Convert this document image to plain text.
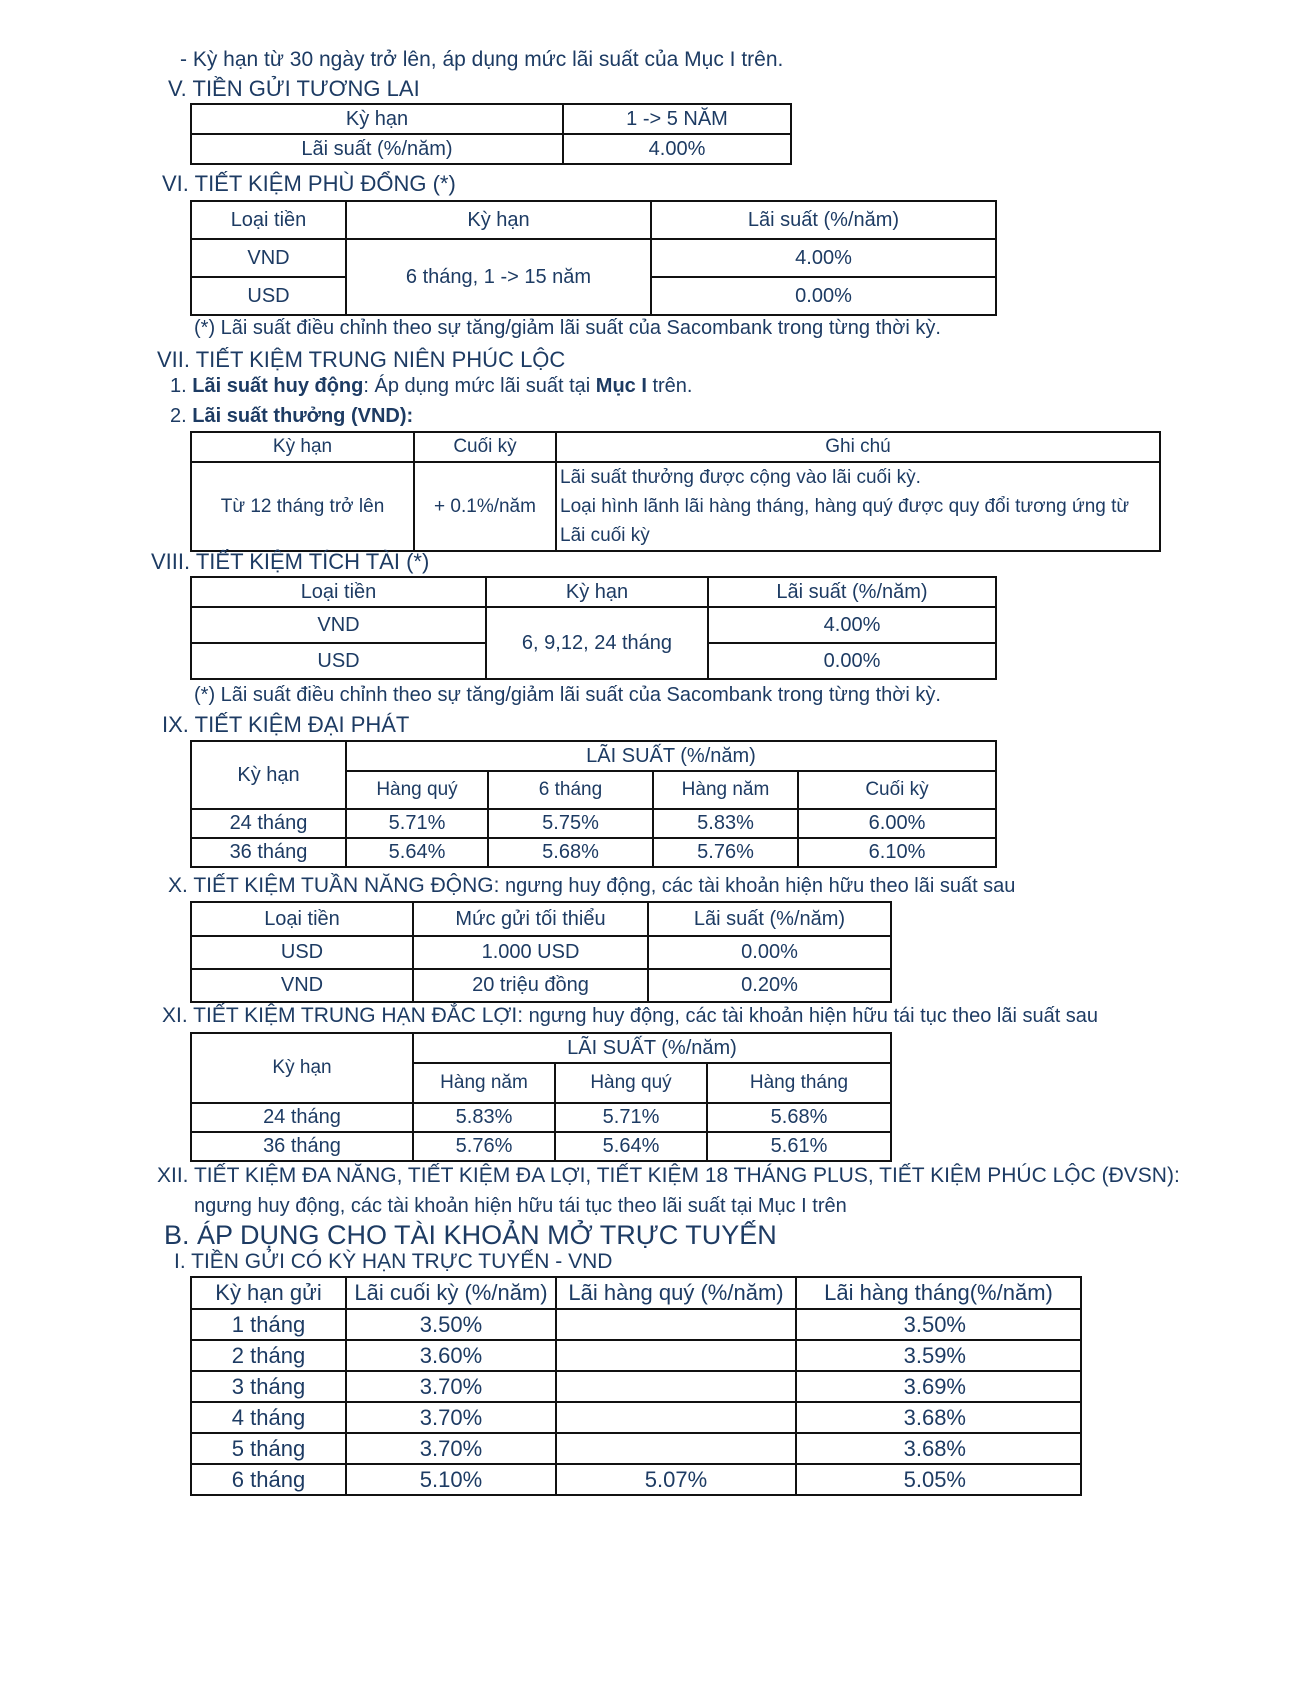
- Kỳ hạn từ 30 ngày trở lên, áp dụng mức lãi suất của Mục I trên.
V. TIỀN GỬI TƯƠNG LAI
Kỳ hạn	1 -> 5 NĂM
Lãi suất (%/năm)	4.00%
VI. TIẾT KIỆM PHÙ ĐỔNG (*)
Loại tiền	Kỳ hạn	Lãi suất (%/năm)
VND	6 tháng, 1 -> 15 năm	4.00%
USD		0.00%
(*) Lãi suất điều chỉnh theo sự tăng/giảm lãi suất của Sacombank trong từng thời kỳ.
VII. TIẾT KIỆM TRUNG NIÊN PHÚC LỘC
1. Lãi suất huy động: Áp dụng mức lãi suất tại Mục I trên.
2. Lãi suất thưởng (VND):
Kỳ hạn	Cuối kỳ	Ghi chú
Từ 12 tháng trở lên	+ 0.1%/năm	Lãi suất thưởng được cộng vào lãi cuối kỳ.
Loại hình lãnh lãi hàng tháng, hàng quý được quy đổi tương ứng từ
Lãi cuối kỳ
VIII. TIẾT KIỆM TÍCH TÀI (*)
Loại tiền	Kỳ hạn	Lãi suất (%/năm)
VND	6, 9,12, 24 tháng	4.00%
USD		0.00%
(*) Lãi suất điều chỉnh theo sự tăng/giảm lãi suất của Sacombank trong từng thời kỳ.
IX. TIẾT KIỆM ĐẠI PHÁT
Kỳ hạn	LÃI SUẤT (%/năm)			
	Hàng quý	6 tháng	Hàng năm	Cuối kỳ
24 tháng	5.71%	5.75%	5.83%	6.00%
36 tháng	5.64%	5.68%	5.76%	6.10%
X. TIẾT KIỆM TUẦN NĂNG ĐỘNG: ngưng huy động, các tài khoản hiện hữu theo lãi suất sau
Loại tiền	Mức gửi tối thiểu	Lãi suất (%/năm)
USD	1.000 USD	0.00%
VND	20 triệu đồng	0.20%
XI. TIẾT KIỆM TRUNG HẠN ĐẮC LỢI: ngưng huy động, các tài khoản hiện hữu tái tục theo lãi suất sau
Kỳ hạn	LÃI SUẤT (%/năm)		
	Hàng năm	Hàng quý	Hàng tháng
24 tháng	5.83%	5.71%	5.68%
36 tháng	5.76%	5.64%	5.61%
XII. TIẾT KIỆM ĐA NĂNG, TIẾT KIỆM ĐA LỢI, TIẾT KIỆM 18 THÁNG PLUS, TIẾT KIỆM PHÚC LỘC (ĐVSN):
ngưng huy động, các tài khoản hiện hữu tái tục theo lãi suất tại Mục I trên
B. ÁP DỤNG CHO TÀI KHOẢN MỞ TRỰC TUYẾN
I. TIỀN GỬI CÓ KỲ HẠN TRỰC TUYẾN - VND
Kỳ hạn gửi	Lãi cuối kỳ (%/năm)	Lãi hàng quý (%/năm)	Lãi hàng tháng(%/năm)
1 tháng	3.50%		3.50%
2 tháng	3.60%		3.59%
3 tháng	3.70%		3.69%
4 tháng	3.70%		3.68%
5 tháng	3.70%		3.68%
6 tháng	5.10%	5.07%	5.05%
